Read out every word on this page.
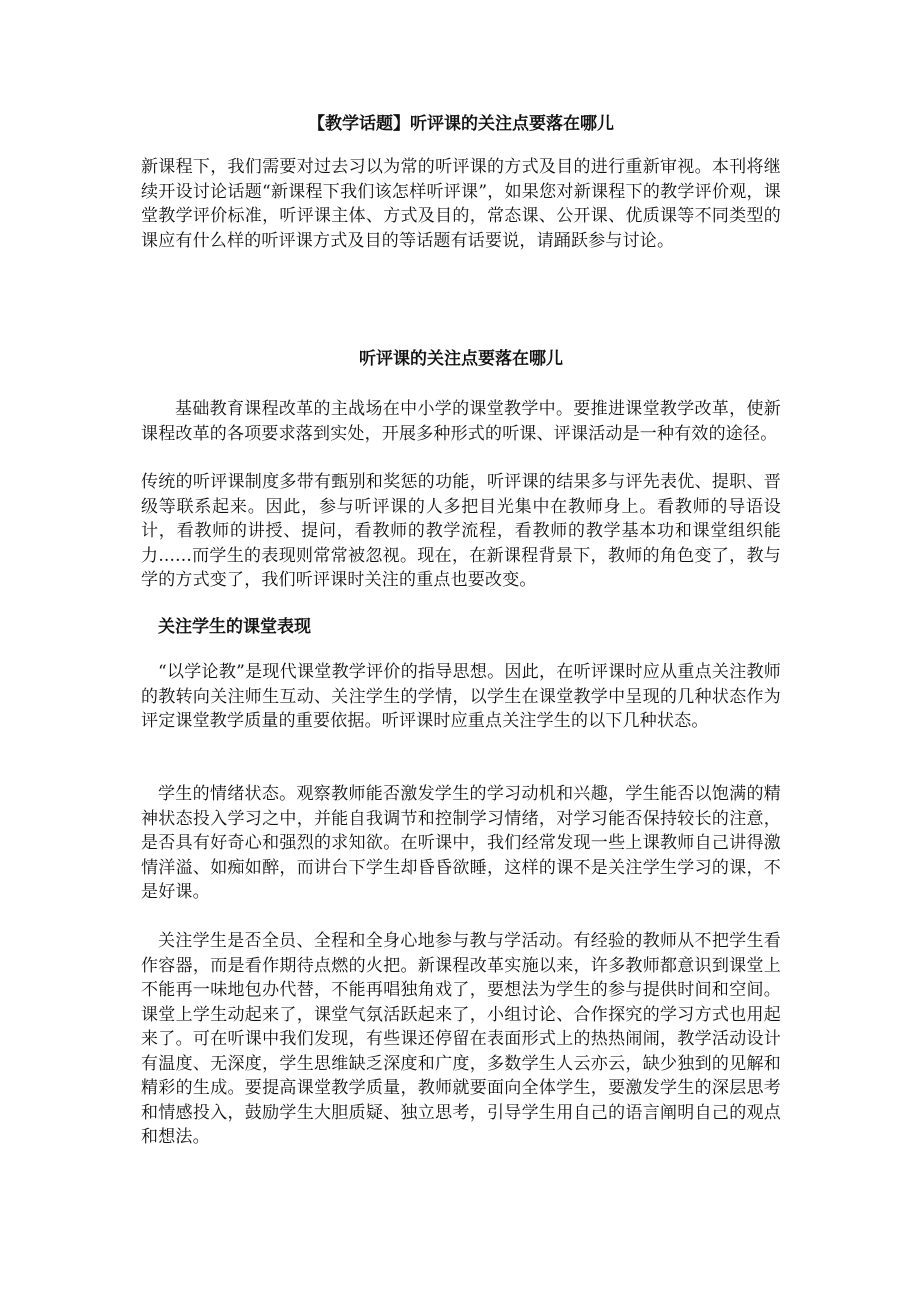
【教学话题】听评课的关注点要落在哪儿
新课程下，我们需要对过去习以为常的听评课的方式及目的进行重新审视。本刊将继续开设讨论话题“新课程下我们该怎样听评课”，如果您对新课程下的教学评价观，课堂教学评价标准，听评课主体、方式及目的，常态课、公开课、优质课等不同类型的课应有什么样的听评课方式及目的等话题有话要说，请踊跃参与讨论。
听评课的关注点要落在哪儿
基础教育课程改革的主战场在中小学的课堂教学中。要推进课堂教学改革，使新课程改革的各项要求落到实处，开展多种形式的听课、评课活动是一种有效的途径。
传统的听评课制度多带有甄别和奖惩的功能，听评课的结果多与评先表优、提职、晋级等联系起来。因此，参与听评课的人多把目光集中在教师身上。看教师的导语设计，看教师的讲授、提问，看教师的教学流程，看教师的教学基本功和课堂组织能力......而学生的表现则常常被忽视。现在，在新课程背景下，教师的角色变了，教与学的方式变了，我们听评课时关注的重点也要改变。
关注学生的课堂表现
“以学论教”是现代课堂教学评价的指导思想。因此，在听评课时应从重点关注教师的教转向关注师生互动、关注学生的学情，以学生在课堂教学中呈现的几种状态作为评定课堂教学质量的重要依据。听评课时应重点关注学生的以下几种状态。
学生的情绪状态。观察教师能否激发学生的学习动机和兴趣，学生能否以饱满的精神状态投入学习之中，并能自我调节和控制学习情绪，对学习能否保持较长的注意，是否具有好奇心和强烈的求知欲。在听课中，我们经常发现一些上课教师自己讲得激情洋溢、如痴如醉，而讲台下学生却昏昏欲睡，这样的课不是关注学生学习的课，不是好课。
关注学生是否全员、全程和全身心地参与教与学活动。有经验的教师从不把学生看作容器，而是看作期待点燃的火把。新课程改革实施以来，许多教师都意识到课堂上不能再一味地包办代替，不能再唱独角戏了，要想法为学生的参与提供时间和空间。课堂上学生动起来了，课堂气氛活跃起来了，小组讨论、合作探究的学习方式也用起来了。可在听课中我们发现，有些课还停留在表面形式上的热热闹闹，教学活动设计有温度、无深度，学生思维缺乏深度和广度，多数学生人云亦云，缺少独到的见解和精彩的生成。要提高课堂教学质量，教师就要面向全体学生，要激发学生的深层思考和情感投入，鼓励学生大胆质疑、独立思考，引导学生用自己的语言阐明自己的观点和想法。
